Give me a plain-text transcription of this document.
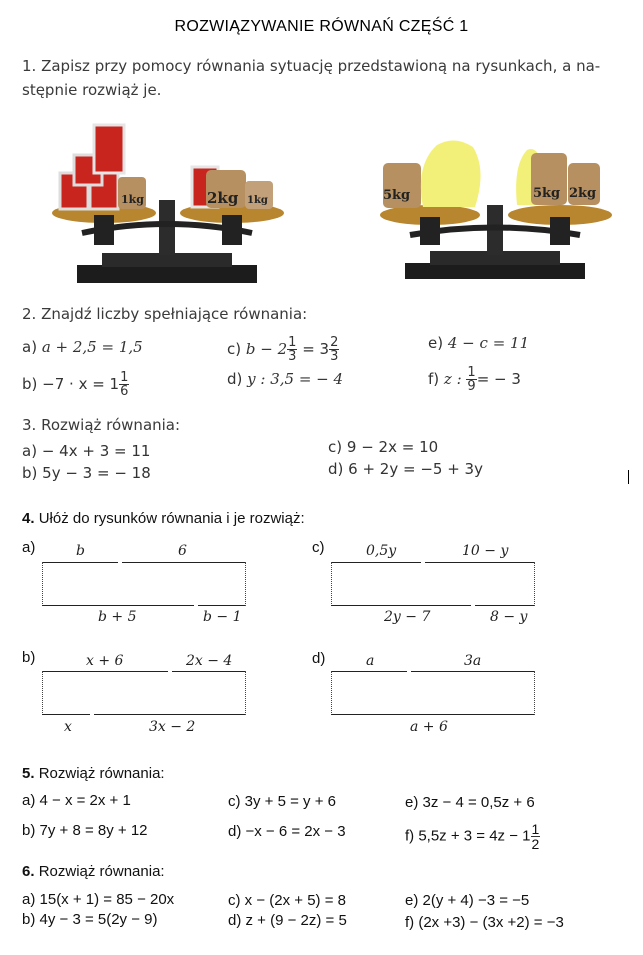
ROZWIĄZYWANIE RÓWNAŃ CZĘŚĆ 1
1. Zapisz przy pomocy równania sytuację przedstawioną na rysunkach, a na-
stępnie rozwiąż je.
1kg	2kg 1kg	5kg	5kg 2kg
2. Znajdź liczby spełniające równania:
a) a + 2,5 = 1,5
$b) -7 \cdot x = 1 \frac{1}{6}$
c) $b - 2 \frac{1}{3} = 3 \frac{2}{3}$
d) y : 3,5 = − 4
e) 4 − c = 11
f) z : $\frac{1}{9}$ = − 3
3. Rozwiąż równania:
a) − 4x + 3 = 11
b) 5y − 3 = − 18
c) 9 − 2x = 10
d) 6 + 2y = −5 + 3y
4. Ułóż do rysunków równania i je rozwiąż:
a)	b	6
b + 5	b − 1
c)	0,5y	10 − y
2y − 7	8 − y
b)	x + 6	2x − 4
x	3x − 2
d)	a	3a
a + 6
5. Rozwiąż równania:
a) 4 − x = 2x + 1
b) 7y + 8 = 8y + 12
c) 3y + 5 = y + 6
d) −x − 6 = 2x − 3
e) 3z − 4 = 0,5z + 6
f) $5,5z + 3 = 4z - 1 \frac{1}{2}$
6. Rozwiąż równania:
a) 15(x + 1) = 85 − 20x
b) 4y − 3 = 5(2y − 9)
c) x − (2x + 5) = 8
d) z + (9 − 2z) = 5
e) 2(y + 4) −3 = −5
f) (2x +3) − (3x +2) = −3
